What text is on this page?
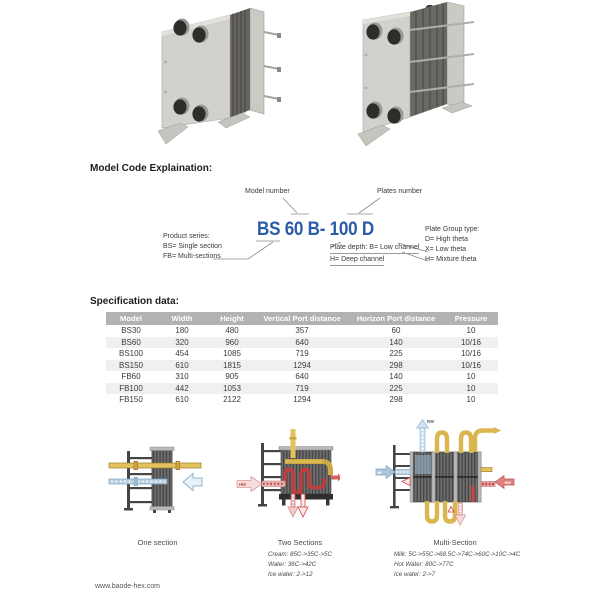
Model Code Explaination:
Model number	Plates number
BS 60 B- 100 D
Product series:
BS= Single section
FB= Multi-sections
Plate depth: B= Low channel
H= Deep channel
Plate Group type:
D= High theta
X= Low theta
H= Mixture theta
Specification data:
Model	Width	Height	Vertical Port distance	Horizon Port distance	Pressure
BS30	180	480	357	60	10
BS60	320	960	640	140	10/16
BS100	454	1085	719	225	10/16
BS150	610	1815	1294	298	10/16
FB60	310	905	640	140	10
FB100	442	1053	719	225	10
FB150	610	2122	1294	298	10
One section
HW
Two Sections
Cream: 85C->35C->5C
Water: 36C->42C
Ice water: 2->12
RW
IW
HW
Multi-Section
Milk: 5C->55C->68.5C->74C->60C->10C->4C
Hot Water: 80C->77C
Ice water: 2->7
www.baode-hex.com
